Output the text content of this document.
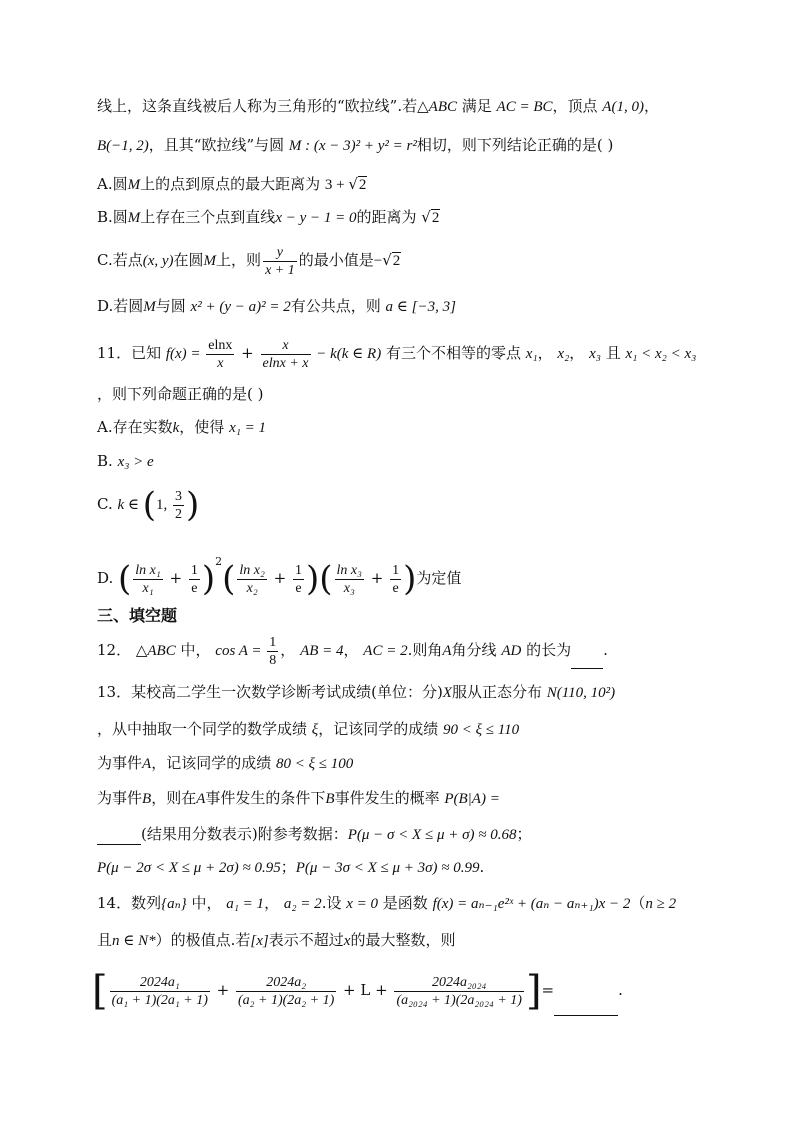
线上，这条直线被后人称为三角形的“欧拉线”.若△ABC 满足 AC = BC，顶点 A(1, 0)，
B(−1, 2)，且其“欧拉线”与圆 M : (x − 3)² + y² = r²相切，则下列结论正确的是( )
A.圆M上的点到原点的最大距离为 3 + √2
B.圆M上存在三个点到直线x − y − 1 = 0的距离为 √2
C.若点(x, y)在圆M上，则 $\frac{y}{x + 1}$ 的最小值是−√2
D.若圆M与圆 x² + (y − a)² = 2有公共点，则 a ∈ [−3, 3]
11．已知 $f(x) = \frac{elnx}{x} + \frac{x}{elnx + x} - k(k$ ∈ R) 有三个不相等的零点 x₁， x₂， x₃ 且 x₁ < x₂ < x₃
，则下列命题正确的是( )
A.存在实数k，使得 x₁ = 1
B. x₃ > e
C. k ∈ (1, $\frac{3}{2}$ )
D. ( $\frac{\text{ln x₁}}{\text{x₁}} + \frac{1}{e} )^2( \frac{\text{ln x₂}}{\text{x₂}} + \frac{1}{e}$ )( $\frac{\text{ln x₃}}{\text{x₃}} + \frac{1}{e}$ )为定值
三、填空题
12． △ABC 中， $\cos A = \frac{1}{8}$ ， AB = 4， AC = 2.则角A角分线 AD 的长为 .
13．某校高二学生一次数学诊断考试成绩(单位：分)X服从正态分布 N(110, 10²)
，从中抽取一个同学的数学成绩 ξ，记该同学的成绩 90 < ξ ≤ 110
为事件A，记该同学的成绩 80 < ξ ≤ 100
为事件B，则在A事件发生的条件下B事件发生的概率 P(B|A) =
(结果用分数表示)附参考数据：P(μ − σ < X ≤ μ + σ) ≈ 0.68；
P(μ − 2σ < X ≤ μ + 2σ) ≈ 0.95；P(μ − 3σ < X ≤ μ + 3σ) ≈ 0.99.
14．数列{aₙ} 中， a₁ = 1， a₂ = 2.设 x = 0 是函数 f(x) = aₙ₋₁e²ˣ + (aₙ − aₙ₊₁)x − 2（n ≥ 2
且n ∈ N*）的极值点.若[x]表示不超过x的最大整数，则
[ $\frac{\text{2024a₁}}{\text{(a₁ + 1)(2a₁ + 1)}} + \frac{\text{2024a₂}}{\text{(a₂ + 1)(2a₂ + 1)}} + L + \frac{\text{2024a₂₀₂₄}}{\text{(a₂₀₂₄ + 1)(2a₂₀₂₄ + 1)}}$ ]=	.
